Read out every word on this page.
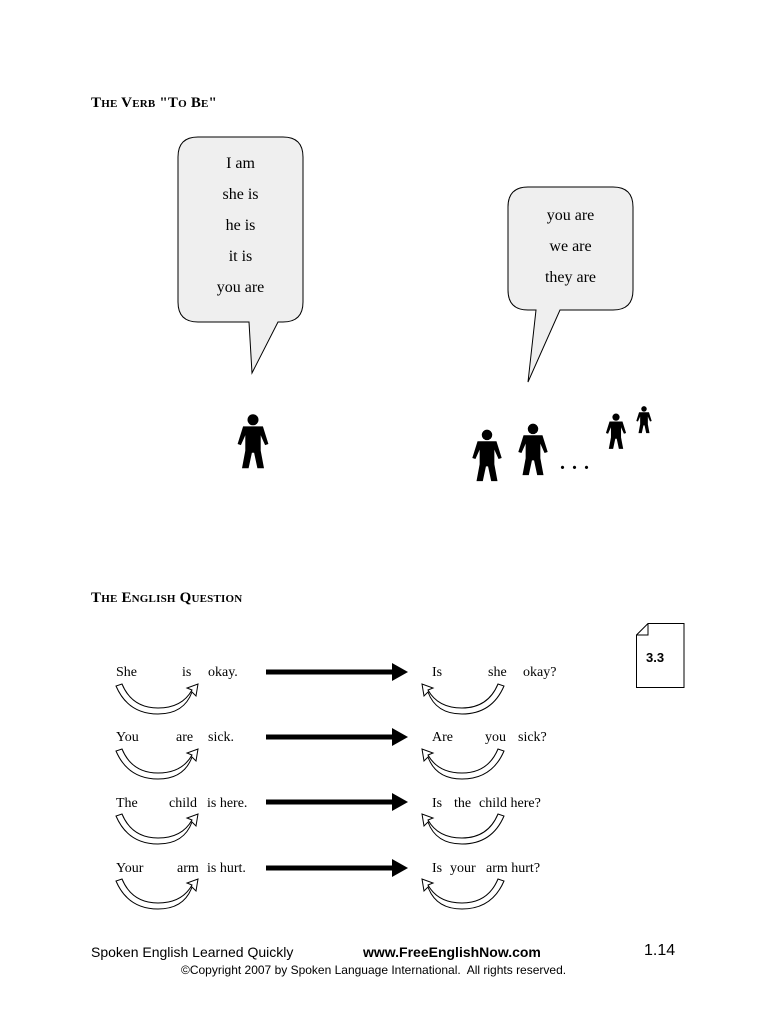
The Verb "To Be"
I am
she is
he is
it is
you are
you are
we are
they are
. . .
The English Question
3.3
She	is okay.	Is	she okay?
You	are sick.	Are you sick?
The child is here.	Is the child here?
Your arm is hurt.	Is your arm hurt?
Spoken English Learned Quickly	www.FreeEnglishNow.com	1.14
©Copyright 2007 by Spoken Language International.  All rights reserved.
